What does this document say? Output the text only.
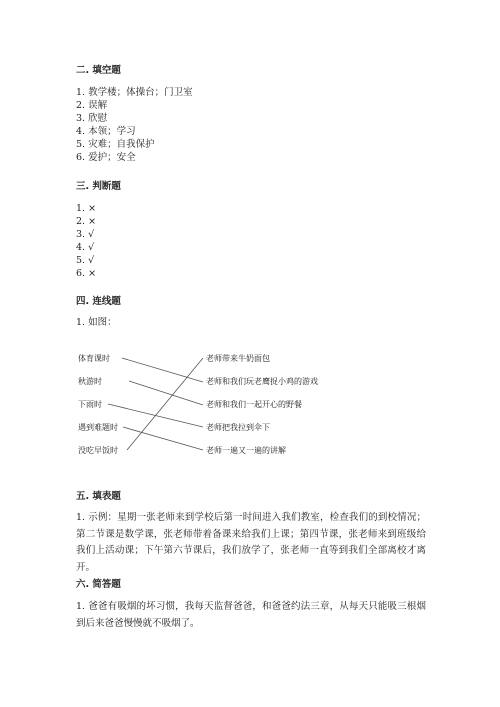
二. 填空题
1. 教学楼；体操台；门卫室
2. 误解
3. 欣慰
4. 本领；学习
5. 灾难；自我保护
6. 爱护；安全
三. 判断题
1. ×
2. ×
3. √
4. √
5. √
6. ×
四. 连线题
1. 如图：
体育课时
秋游时
下雨时
遇到难题时
没吃早饭时
老师带来牛奶面包
老师和我们玩老鹰捉小鸡的游戏
老师和我们一起开心的野餐
老师把我拉到伞下
老师一遍又一遍的讲解
五. 填表题
1. 示例：星期一张老师来到学校后第一时间进入我们教室，检查我们的到校情况；第二节课是数学课，张老师带着备课来给我们上课；第四节课，张老师来到班级给我们上活动课；下午第六节课后，我们放学了，张老师一直等到我们全部离校才离开。
六. 简答题
1. 爸爸有吸烟的坏习惯，我每天监督爸爸，和爸爸约法三章，从每天只能吸三根烟到后来爸爸慢慢就不吸烟了。
